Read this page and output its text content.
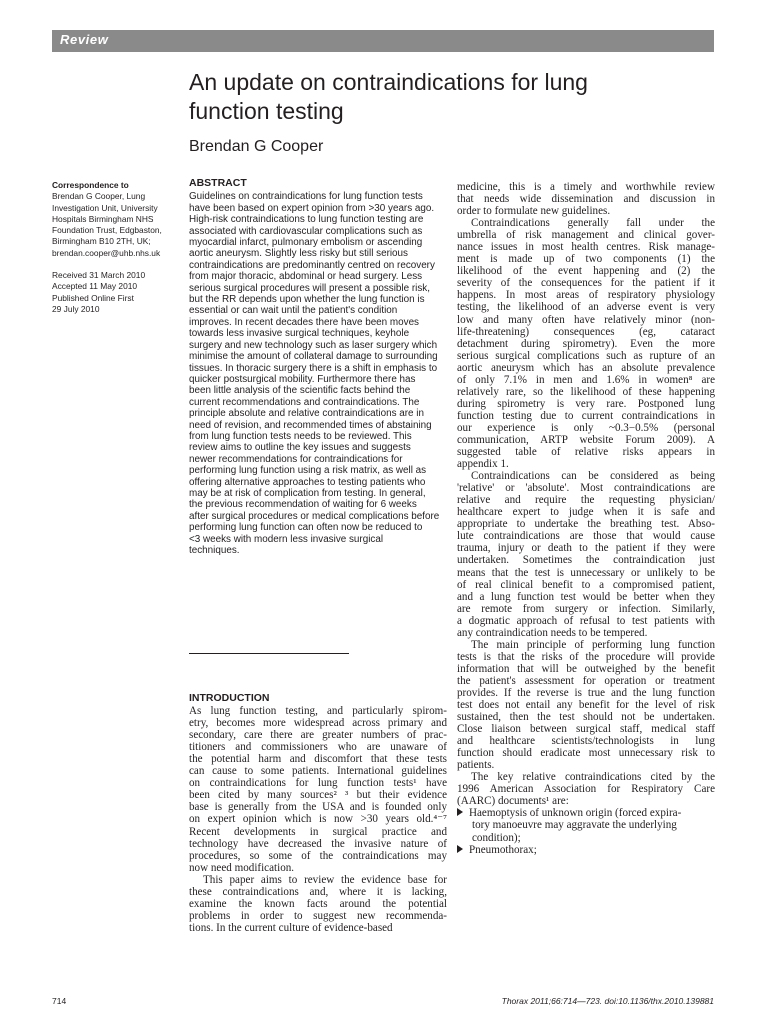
Review
An update on contraindications for lung
function testing
Brendan G Cooper
Correspondence to
Brendan G Cooper, Lung
Investigation Unit, University
Hospitals Birmingham NHS
Foundation Trust, Edgbaston,
Birmingham B10 2TH, UK;
brendan.cooper@uhb.nhs.uk
Received 31 March 2010
Accepted 11 May 2010
Published Online First
29 July 2010
ABSTRACT
Guidelines on contraindications for lung function tests
have been based on expert opinion from >30 years ago.
High-risk contraindications to lung function testing are
associated with cardiovascular complications such as
myocardial infarct, pulmonary embolism or ascending
aortic aneurysm. Slightly less risky but still serious
contraindications are predominantly centred on recovery
from major thoracic, abdominal or head surgery. Less
serious surgical procedures will present a possible risk,
but the RR depends upon whether the lung function is
essential or can wait until the patient's condition
improves. In recent decades there have been moves
towards less invasive surgical techniques, keyhole
surgery and new technology such as laser surgery which
minimise the amount of collateral damage to surrounding
tissues. In thoracic surgery there is a shift in emphasis to
quicker postsurgical mobility. Furthermore there has
been little analysis of the scientific facts behind the
current recommendations and contraindications. The
principle absolute and relative contraindications are in
need of revision, and recommended times of abstaining
from lung function tests needs to be reviewed. This
review aims to outline the key issues and suggests
newer recommendations for contraindications for
performing lung function using a risk matrix, as well as
offering alternative approaches to testing patients who
may be at risk of complication from testing. In general,
the previous recommendation of waiting for 6 weeks
after surgical procedures or medical complications before
performing lung function can often now be reduced to
<3 weeks with modern less invasive surgical
techniques.
INTRODUCTION
As lung function testing, and particularly spirom-
etry, becomes more widespread across primary and
secondary, care there are greater numbers of prac-
titioners and commissioners who are unaware of
the potential harm and discomfort that these tests
can cause to some patients. International guidelines
on contraindications for lung function tests¹ have
been cited by many sources² ³ but their evidence
base is generally from the USA and is founded only
on expert opinion which is now >30 years old.⁴⁻⁷
Recent developments in surgical practice and
technology have decreased the invasive nature of
procedures, so some of the contraindications may
now need modification.
This paper aims to review the evidence base for
these contraindications and, where it is lacking,
examine the known facts around the potential
problems in order to suggest new recommenda-
tions. In the current culture of evidence-based
medicine, this is a timely and worthwhile review
that needs wide dissemination and discussion in
order to formulate new guidelines.
Contraindications generally fall under the
umbrella of risk management and clinical gover-
nance issues in most health centres. Risk manage-
ment is made up of two components (1) the
likelihood of the event happening and (2) the
severity of the consequences for the patient if it
happens. In most areas of respiratory physiology
testing, the likelihood of an adverse event is very
low and many often have relatively minor (non-
life-threatening) consequences (eg, cataract
detachment during spirometry). Even the more
serious surgical complications such as rupture of an
aortic aneurysm which has an absolute prevalence
of only 7.1% in men and 1.6% in women⁸ are
relatively rare, so the likelihood of these happening
during spirometry is very rare. Postponed lung
function testing due to current contraindications in
our experience is only ~0.3−0.5% (personal
communication, ARTP website Forum 2009). A
suggested table of relative risks appears in
appendix 1.
Contraindications can be considered as being
'relative' or 'absolute'. Most contraindications are
relative and require the requesting physician/
healthcare expert to judge when it is safe and
appropriate to undertake the breathing test. Abso-
lute contraindications are those that would cause
trauma, injury or death to the patient if they were
undertaken. Sometimes the contraindication just
means that the test is unnecessary or unlikely to be
of real clinical benefit to a compromised patient,
and a lung function test would be better when they
are remote from surgery or infection. Similarly,
a dogmatic approach of refusal to test patients with
any contraindication needs to be tempered.
The main principle of performing lung function
tests is that the risks of the procedure will provide
information that will be outweighed by the benefit
the patient's assessment for operation or treatment
provides. If the reverse is true and the lung function
test does not entail any benefit for the level of risk
sustained, then the test should not be undertaken.
Close liaison between surgical staff, medical staff
and healthcare scientists/technologists in lung
function should eradicate most unnecessary risk to
patients.
The key relative contraindications cited by the
1996 American Association for Respiratory Care
(AARC) documents¹ are:
Haemoptysis of unknown origin (forced expira-
tory manoeuvre may aggravate the underlying
condition);
Pneumothorax;
714	Thorax 2011;66:714—723. doi:10.1136/thx.2010.139881
